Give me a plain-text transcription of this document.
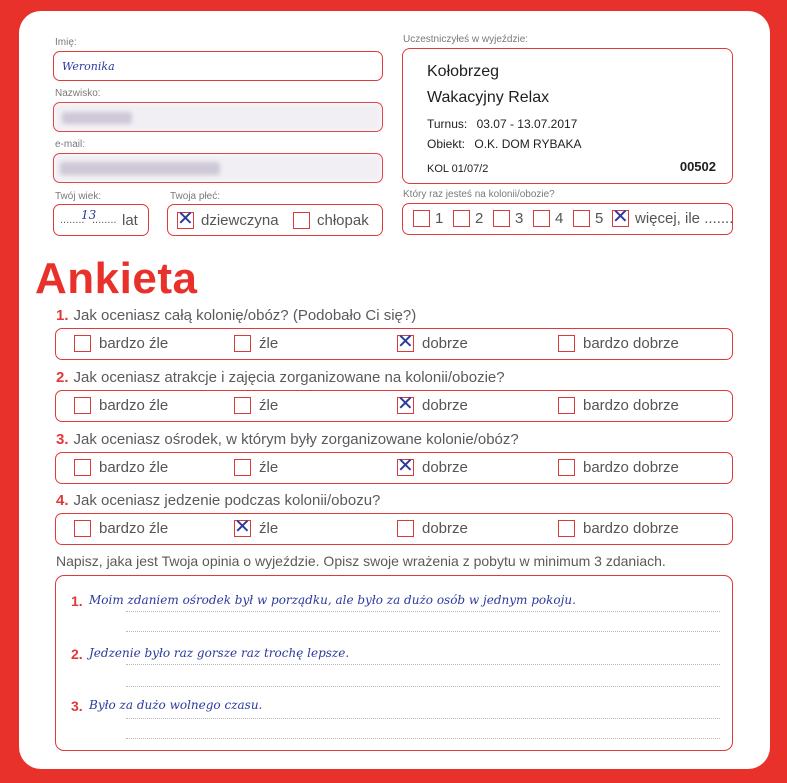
Imię:
Weronika
Nazwisko:
e-mail:
Twój wiek:
........
13
........ lat
Twoja płeć:
✕ dziewczyna	chłopak
Uczestniczyłeś w wyjeździe:
Kołobrzeg
Wakacyjny Relax
Turnus: 03.07 - 13.07.2017
Obiekt: O.K. DOM RYBAKA
KOL 01/07/2	00502
Który raz jesteś na kolonii/obozie?
1 2 3 4 5 ✕ więcej, ile .......
Ankieta
1. Jak oceniasz całą kolonię/obóz? (Podobało Ci się?)
bardzo źle	źle	✕ dobrze	bardzo dobrze
2. Jak oceniasz atrakcje i zajęcia zorganizowane na kolonii/obozie?
bardzo źle	źle	✕ dobrze	bardzo dobrze
3. Jak oceniasz ośrodek, w którym były zorganizowane kolonie/obóz?
bardzo źle	źle	✕ dobrze	bardzo dobrze
4. Jak oceniasz jedzenie podczas kolonii/obozu?
bardzo źle	✕ źle	dobrze	bardzo dobrze
Napisz, jaka jest Twoja opinia o wyjeździe. Opisz swoje wrażenia z pobytu w minimum 3 zdaniach.
1. Moim zdaniem ośrodek był w porządku, ale było za dużo osób w jednym pokoju.
2. Jedzenie było raz gorsze raz trochę lepsze.
3. Było za dużo wolnego czasu.
